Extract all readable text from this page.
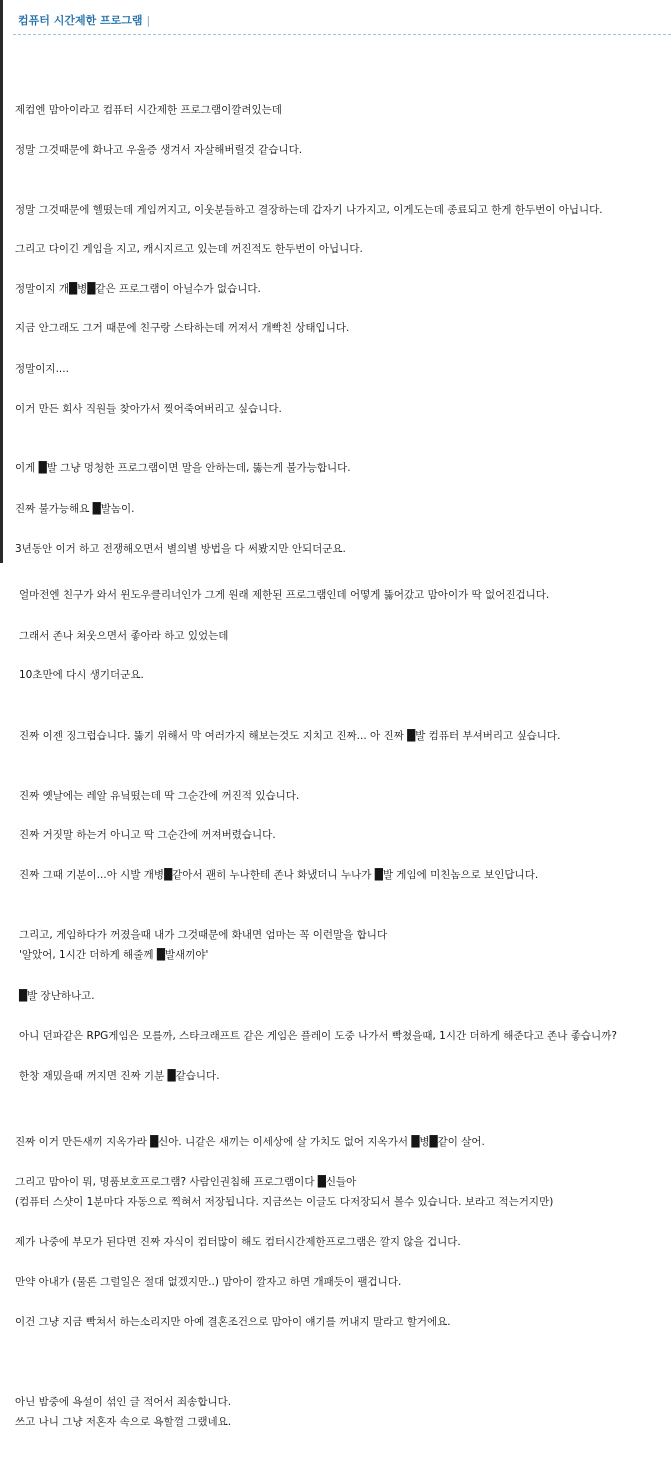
컴퓨터 시간제한 프로그램 |
제컴엔 맘아이라고 컴퓨터 시간제한 프로그램이깔려있는데
정말 그것때문에 화나고 우울증 생겨서 자살해버릴것 같습니다.
정말 그것때문에 헬떴는데 게임꺼지고, 이웃분들하고 결장하는데 갑자기 나가지고, 이게도는데 종료되고 한게 한두번이 아닙니다.
그리고 다이긴 게임을 지고, 캐시지르고 있는데 꺼진적도 한두번이 아닙니다.
정말이지 개█병█같은 프로그램이 아닐수가 없습니다.
지금 안그래도 그거 때문에 친구랑 스타하는데 꺼져서 개빡친 상태입니다.
정말이지....
이거 만든 회사 직원들 찾아가서 찢어죽여버리고 싶습니다.
이게 █발 그냥 멍청한 프로그램이면 말을 안하는데, 뚫는게 불가능합니다.
진짜 불가능해요 █발놈이.
3년동안 이거 하고 전쟁해오면서 별의별 방법을 다 써봤지만 안되더군요.
얼마전엔 친구가 와서 윈도우클리너인가 그게 원래 제한된 프로그램인데 어떻게 뚫어갔고 맘아이가 딱 없어진겁니다.
그래서 존나 쳐웃으면서 좋아라 하고 있었는데
10초만에 다시 생기더군요.
진짜 이젠 징그럽습니다. 뚫기 위해서 막 여러가지 해보는것도 지치고 진짜... 아 진짜 █발 컴퓨터 부셔버리고 싶습니다.
진짜 옛날에는 레알 유닠떴는데 딱 그순간에 꺼진적 있습니다.
진짜 거짓말 하는거 아니고 딱 그순간에 꺼져버렸습니다.
진짜 그때 기분이...아 시발 개병█같아서 괜히 누나한테 존나 화냈더니 누나가 █발 게임에 미친놈으로 보인답니다.
그리고, 게임하다가 꺼졌을때 내가 그것때문에 화내면 엄마는 꼭 이런말을 합니다
'알았어, 1시간 더하게 해줄께 █발새끼야'
█발 장난하나고.
아니 던파같은 RPG게임은 모를까, 스타크래프트 같은 게임은 플레이 도중 나가서 빡쳤을때, 1시간 더하게 해준다고 존나 좋습니까?
한창 재밌을때 꺼지면 진짜 기분 █같습니다.
진짜 이거 만든새끼 지옥가라 █신아. 니같은 새끼는 이세상에 살 가치도 없어 지옥가서 █병█같이 살어.
그리고 맘아이 뭐, 명품보호프로그램? 사람인권침해 프로그램이다 █신들아
(컴퓨터 스샷이 1분마다 자동으로 찍혀서 저장됩니다. 지금쓰는 이글도 다저장되서 볼수 있습니다. 보라고 적는거지만)
제가 나중에 부모가 된다면 진짜 자식이 컴터많이 해도 컴터시간제한프로그램은 깔지 않을 겁니다.
만약 아내가 (물론 그럴일은 절대 없겠지만..) 맘아이 깔자고 하면 개패듯이 팰겁니다.
이건 그냥 지금 빡쳐서 하는소리지만 아예 결혼조건으로 맘아이 얘기를 꺼내지 말라고 할거에요.
아닌 밤중에 욕설이 섞인 글 적어서 죄송합니다.
쓰고 나니 그냥 저혼자 속으로 욕할껄 그랬네요.
